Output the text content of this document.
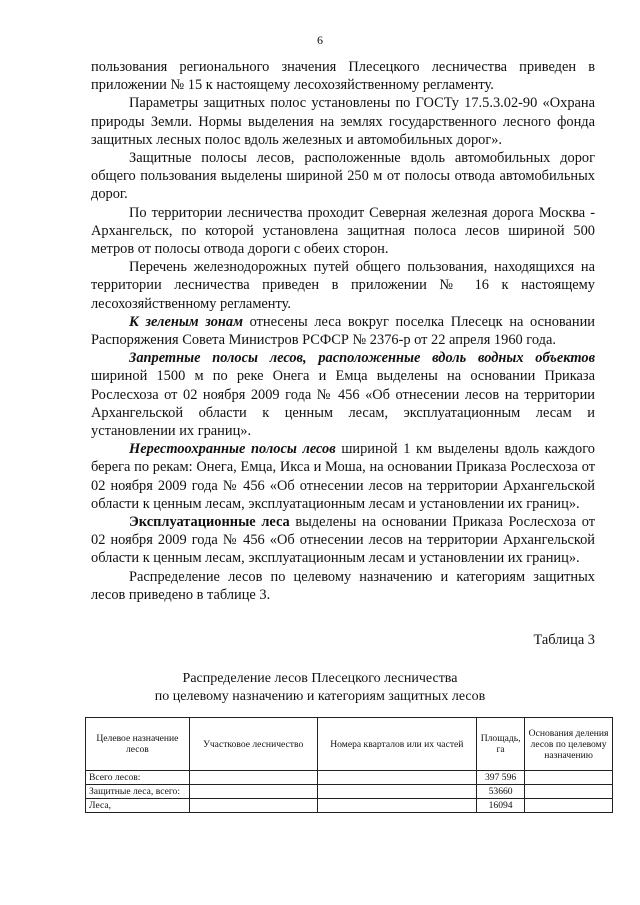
6

пользования регионального значения Плесецкого лесничества приведен в приложении № 15 к настоящему лесохозяйственному регламенту.

Параметры защитных полос установлены по ГОСТу 17.5.3.02-90 «Охрана природы Земли. Нормы выделения на землях государственного лесного фонда защитных лесных полос вдоль железных и автомобильных дорог».

Защитные полосы лесов, расположенные вдоль автомобильных дорог общего пользования выделены шириной 250 м от полосы отвода автомобильных дорог.

По территории лесничества проходит Северная железная дорога Москва - Архангельск, по которой установлена защитная полоса лесов шириной 500 метров от полосы отвода дороги с обеих сторон.

Перечень железнодорожных путей общего пользования, находящихся на территории лесничества приведен в приложении № 16 к настоящему лесохозяйственному регламенту.

К зеленым зонам отнесены леса вокруг поселка Плесецк на основании Распоряжения Совета Министров РСФСР № 2376-р от 22 апреля 1960 года.

Запретные полосы лесов, расположенные вдоль водных объектов шириной 1500 м по реке Онега и Емца выделены на основании Приказа Рослесхоза от 02 ноября 2009 года № 456 «Об отнесении лесов на территории Архангельской области к ценным лесам, эксплуатационным лесам и установлении их границ».

Нерестоохранные полосы лесов шириной 1 км выделены вдоль каждого берега по рекам: Онега, Емца, Икса и Моша, на основании Приказа Рослесхоза от 02 ноября 2009 года № 456 «Об отнесении лесов на территории Архангельской области к ценным лесам, эксплуатационным лесам и установлении их границ».

Эксплуатационные леса выделены на основании Приказа Рослесхоза от 02 ноября 2009 года № 456 «Об отнесении лесов на территории Архангельской области к ценным лесам, эксплуатационным лесам и установлении их границ».

Распределение лесов по целевому назначению и категориям защитных лесов приведено в таблице 3.

Таблица 3
Распределение лесов Плесецкого лесничества
по целевому назначению и категориям защитных лесов
Целевое назначение лесов	Участковое лесничество	Номера кварталов или их частей	Площадь, га	Основания деления лесов по целевому назначению
Всего лесов:			397 596	
Защитные леса, всего:			53660	
Леса,			16094	
